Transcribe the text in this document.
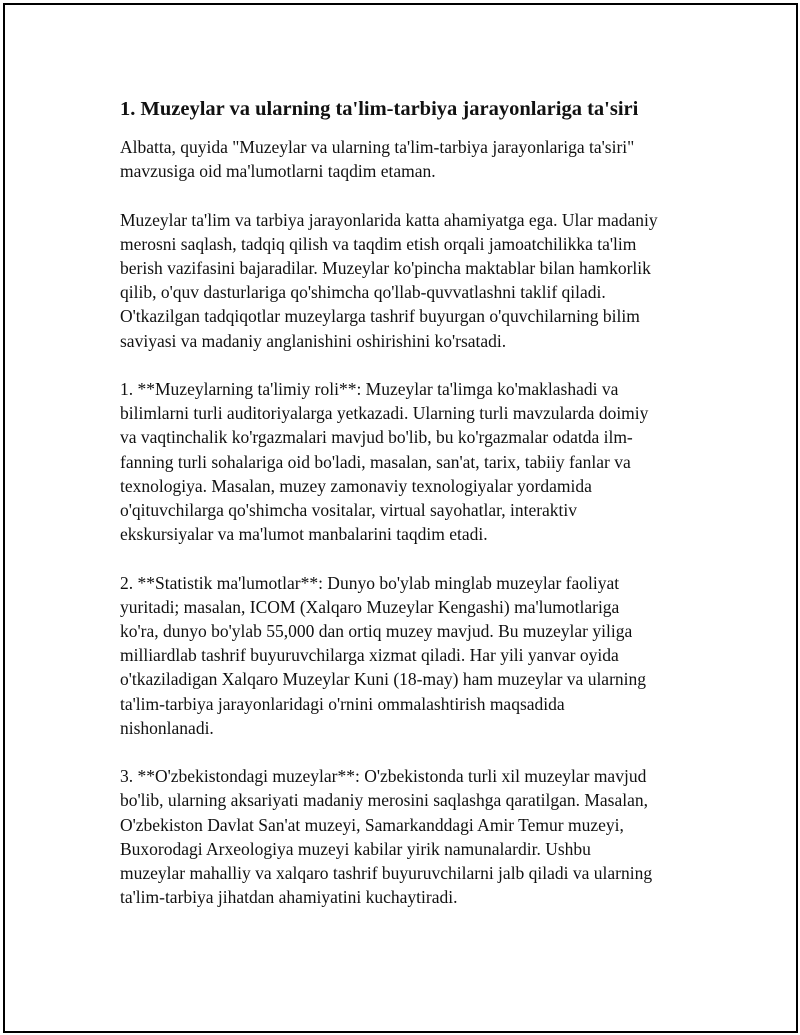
1. Muzeylar va ularning ta'lim-tarbiya jarayonlariga ta'siri
Albatta, quyida "Muzeylar va ularning ta'lim-tarbiya jarayonlariga ta'siri"
mavzusiga oid ma'lumotlarni taqdim etaman.
Muzeylar ta'lim va tarbiya jarayonlarida katta ahamiyatga ega. Ular madaniy
merosni saqlash, tadqiq qilish va taqdim etish orqali jamoatchilikka ta'lim
berish vazifasini bajaradilar. Muzeylar ko'pincha maktablar bilan hamkorlik
qilib, o'quv dasturlariga qo'shimcha qo'llab-quvvatlashni taklif qiladi.
O'tkazilgan tadqiqotlar muzeylarga tashrif buyurgan o'quvchilarning bilim
saviyasi va madaniy anglanishini oshirishini ko'rsatadi.
1. **Muzeylarning ta'limiy roli**: Muzeylar ta'limga ko'maklashadi va
bilimlarni turli auditoriyalarga yetkazadi. Ularning turli mavzularda doimiy
va vaqtinchalik ko'rgazmalari mavjud bo'lib, bu ko'rgazmalar odatda ilm-
fanning turli sohalariga oid bo'ladi, masalan, san'at, tarix, tabiiy fanlar va
texnologiya. Masalan, muzey zamonaviy texnologiyalar yordamida
o'qituvchilarga qo'shimcha vositalar, virtual sayohatlar, interaktiv
ekskursiyalar va ma'lumot manbalarini taqdim etadi.
2. **Statistik ma'lumotlar**: Dunyo bo'ylab minglab muzeylar faoliyat
yuritadi; masalan, ICOM (Xalqaro Muzeylar Kengashi) ma'lumotlariga
ko'ra, dunyo bo'ylab 55,000 dan ortiq muzey mavjud. Bu muzeylar yiliga
milliardlab tashrif buyuruvchilarga xizmat qiladi. Har yili yanvar oyida
o'tkaziladigan Xalqaro Muzeylar Kuni (18-may) ham muzeylar va ularning
ta'lim-tarbiya jarayonlaridagi o'rnini ommalashtirish maqsadida
nishonlanadi.
3. **O'zbekistondagi muzeylar**: O'zbekistonda turli xil muzeylar mavjud
bo'lib, ularning aksariyati madaniy merosini saqlashga qaratilgan. Masalan,
O'zbekiston Davlat San'at muzeyi, Samarkanddagi Amir Temur muzeyi,
Buxorodagi Arxeologiya muzeyi kabilar yirik namunalardir. Ushbu
muzeylar mahalliy va xalqaro tashrif buyuruvchilarni jalb qiladi va ularning
ta'lim-tarbiya jihatdan ahamiyatini kuchaytiradi.
